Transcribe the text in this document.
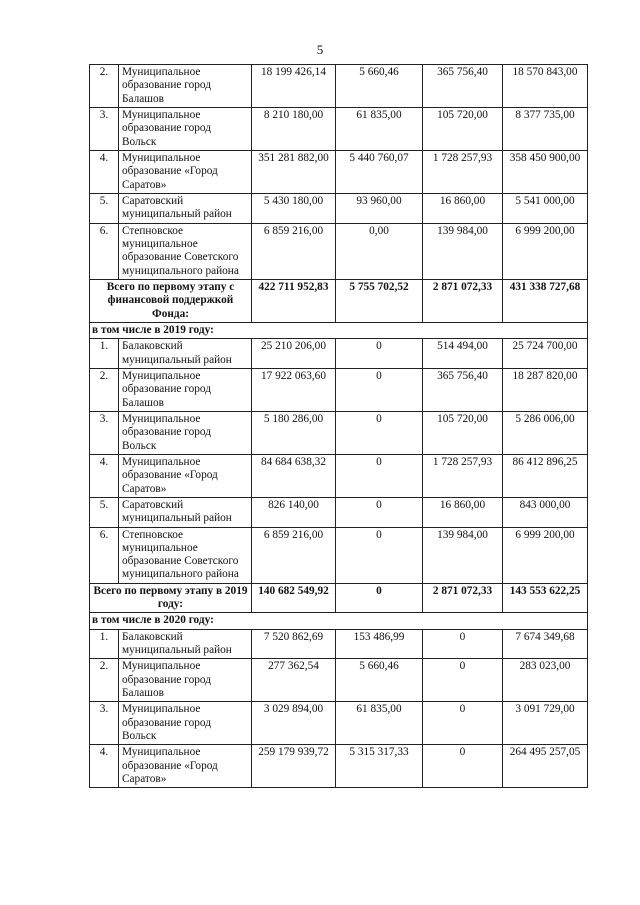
5
2.	Муниципальное образование город Балашов	18 199 426,14	5 660,46	365 756,40	18 570 843,00
3.	Муниципальное образование город Вольск	8 210 180,00	61 835,00	105 720,00	8 377 735,00
4.	Муниципальное образование «Город Саратов»	351 281 882,00	5 440 760,07	1 728 257,93	358 450 900,00
5.	Саратовский муниципальный район	5 430 180,00	93 960,00	16 860,00	5 541 000,00
6.	Степновское муниципальное образование Советского муниципального района	6 859 216,00	0,00	139 984,00	6 999 200,00
Всего по первому этапу с финансовой поддержкой Фонда:		422 711 952,83	5 755 702,52	2 871 072,33	431 338 727,68
в том числе в 2019 году:					
1.	Балаковский муниципальный район	25 210 206,00	0	514 494,00	25 724 700,00
2.	Муниципальное образование город Балашов	17 922 063,60	0	365 756,40	18 287 820,00
3.	Муниципальное образование город Вольск	5 180 286,00	0	105 720,00	5 286 006,00
4.	Муниципальное образование «Город Саратов»	84 684 638,32	0	1 728 257,93	86 412 896,25
5.	Саратовский муниципальный район	826 140,00	0	16 860,00	843 000,00
6.	Степновское муниципальное образование Советского муниципального района	6 859 216,00	0	139 984,00	6 999 200,00
Всего по первому этапу в 2019 году:		140 682 549,92	0	2 871 072,33	143 553 622,25
в том числе в 2020 году:					
1.	Балаковский муниципальный район	7 520 862,69	153 486,99	0	7 674 349,68
2.	Муниципальное образование город Балашов	277 362,54	5 660,46	0	283 023,00
3.	Муниципальное образование город Вольск	3 029 894,00	61 835,00	0	3 091 729,00
4.	Муниципальное образование «Город Саратов»	259 179 939,72	5 315 317,33	0	264 495 257,05
